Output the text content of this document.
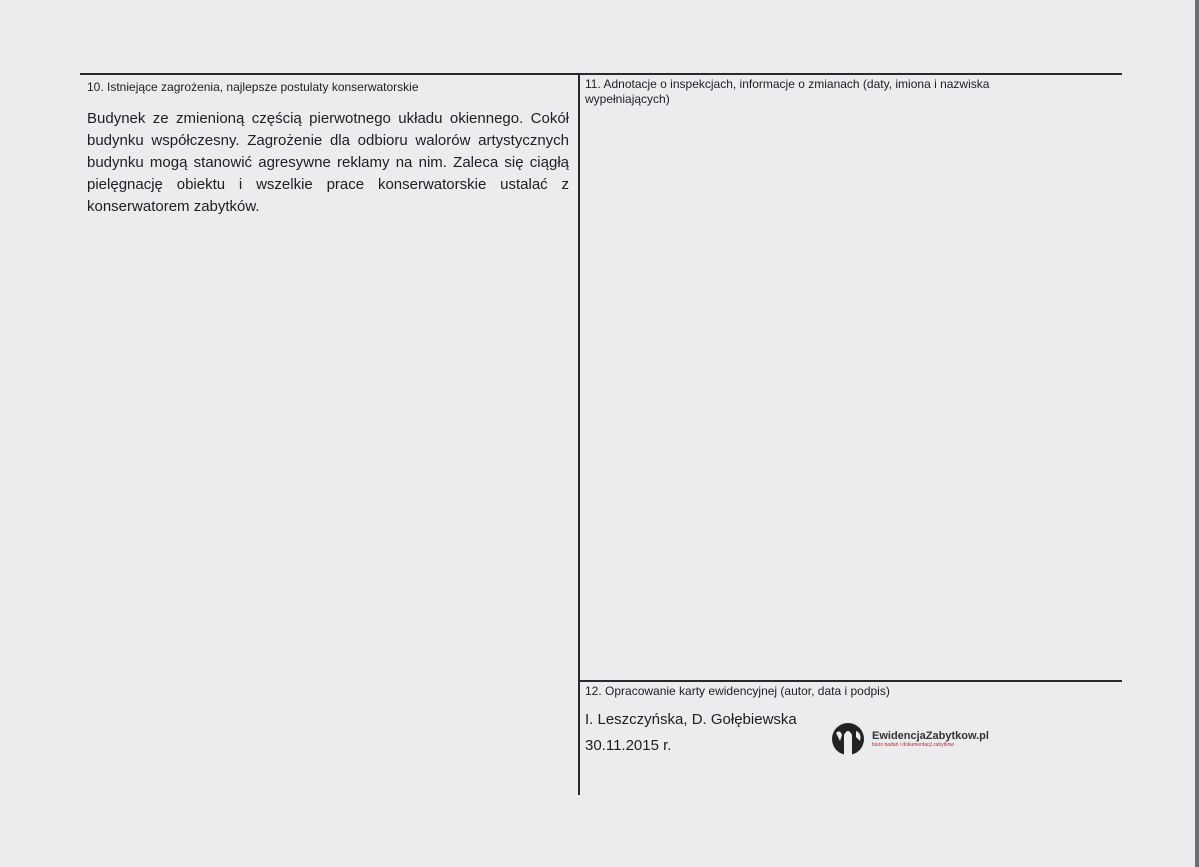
10. Istniejące zagrożenia, najlepsze postulaty konserwatorskie
Budynek ze zmienioną częścią pierwotnego układu okiennego. Cokół budynku współczesny. Zagrożenie dla odbioru walorów artystycznych budynku mogą stanowić agresywne reklamy na nim. Zaleca się ciągłą pielęgnację obiektu i wszelkie prace konserwatorskie ustalać z konserwatorem zabytków.
11. Adnotacje o inspekcjach, informacje o zmianach (daty, imiona i nazwiska wypełniających)
12. Opracowanie karty ewidencyjnej (autor, data i podpis)
I. Leszczyńska, D. Gołębiewska
30.11.2015 r.
EwidencjaZabytkow.pl
biuro badań i dokumentacji zabytków
